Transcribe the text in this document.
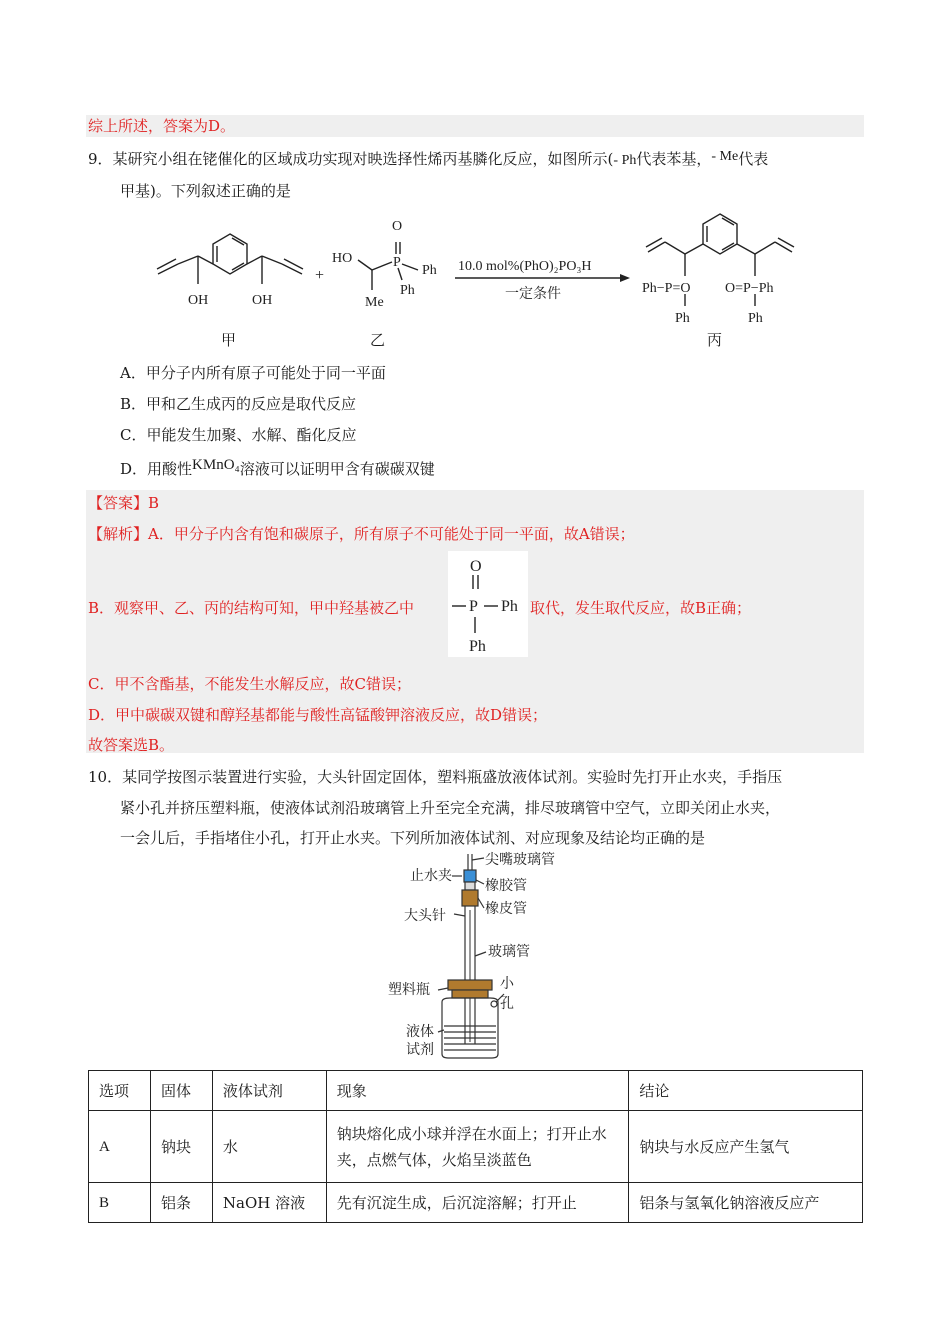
综上所述，答案为D。
9．某研究小组在铑催化的区域成功实现对映选择性烯丙基膦化反应，如图所示(- Ph代表苯基，- Me代表
甲基)。下列叙述正确的是
OH	OH
+
HO
O
P
Ph
Ph
Me
10.0 mol%(PhO)₂PO₃H
一定条件	Ph−P=O O=P−Ph
Ph	Ph
甲	乙	丙
A．甲分子内所有原子可能处于同一平面
B．甲和乙生成丙的反应是取代反应
C．甲能发生加聚、水解、酯化反应
D．用酸性KMnO₄溶液可以证明甲含有碳碳双键
【答案】B
【解析】A．甲分子内含有饱和碳原子，所有原子不可能处于同一平面，故A错误；
B．观察甲、乙、丙的结构可知，甲中羟基被乙中
O
P Ph
Ph
取代，发生取代反应，故B正确；
C．甲不含酯基，不能发生水解反应，故C错误；
D．甲中碳碳双键和醇羟基都能与酸性高锰酸钾溶液反应，故D错误；
故答案选B。
10．某同学按图示装置进行实验，大头针固定固体，塑料瓶盛放液体试剂。实验时先打开止水夹，手指压
紧小孔并挤压塑料瓶，使液体试剂沿玻璃管上升至完全充满，排尽玻璃管中空气，立即关闭止水夹，
一会儿后，手指堵住小孔，打开止水夹。下列所加液体试剂、对应现象及结论均正确的是
尖嘴玻璃管
止水夹
橡胶管
大头针	橡皮管
玻璃管
塑料瓶	小
孔
液体
试剂
选项	固体	液体试剂	现象	结论
A	钠块	水	钠块熔化成小球并浮在水面上；打开止水夹，点燃气体，火焰呈淡蓝色	钠块与水反应产生氢气
B	铝条	NaOH 溶液	先有沉淀生成，后沉淀溶解；打开止	铝条与氢氧化钠溶液反应产
